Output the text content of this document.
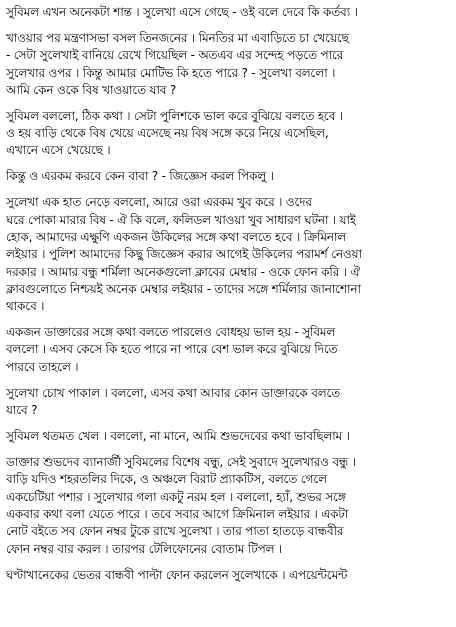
সুবিমল এখন অনেকটা শান্ত । সুলেখা এসে গেছে - ওই বলে দেবে কি কর্তব্য ।
খাওয়ার পর মন্ত্রণাসভা বসল তিনজনের । মিনতির মা এবাড়িতে চা খেয়েছে
- সেটা সুলেখাই বানিয়ে রেখে গিয়েছিল - অতএব এর সন্দেহ পড়তে পারে
সুলেখার ওপর । কিন্তু আমার মোটিভ কি হতে পারে ? - সুলেখা বললো ।
আমি কেন ওকে বিষ খাওয়াতে যাব ?
সুবিমল বললো, ঠিক কথা । সেটা পুলিশকে ভাল করে বুঝিয়ে বলতে হবে ।
ও হয় বাড়ি থেকে বিষ খেয়ে এসেছে নয় বিষ সঙ্গে করে নিয়ে এসেছিল,
এখানে এসে খেয়েছে ।
কিন্তু ও এরকম করবে কেন বাবা ? - জিজ্ঞেস করল পিকলু ।
সুলেখা এক হাত নেড়ে বললো, আরে ওরা এরকম খুব করে । ওদের
ঘরে পোকা মারার বিষ - ঐ কি বলে, ফলিডল খাওয়া খুব সাধারণ ঘটনা । যাই
হোক, আমাদের এক্ষুণি একজন উকিলের সঙ্গে কথা বলতে হবে । ক্রিমিনাল
লইয়ার । পুলিশ আমাদের কিছু জিজ্ঞেস করার আগেই উকিলের পরামর্শ নেওয়া
দরকার । আমার বন্ধু শর্মিলা অনেকগুলো ক্লাবের মেম্বার - ওকে ফোন করি । ঐ
ক্লাবগুলোতে নিশ্চয়ই অনেক মেম্বার লইয়ার - তাদের সঙ্গে শর্মিলার জানাশোনা
থাকবে ।
একজন ডাক্তারের সঙ্গে কথা বলতে পারলেও বোধহয় ভাল হয় - সুবিমল
বললো । এসব কেসে কি হতে পারে না পারে বেশ ভাল করে বুঝিয়ে দিতে
পারবে তাহলে ।
সুলেখা চোখ পাকাল । বললো, এসব কথা আবার কোন ডাক্তারকে বলতে
যাবে ?
সুবিমল থতমত খেল । বললো, না মানে, আমি শুভদেবের কথা ভাবছিলাম ।
ডাক্তার শুভদেব ব্যানার্জী সুবিমলের বিশেষ বন্ধু, সেই সুবাদে সুলেখারও বন্ধু ।
বাড়ি যদিও শহরতলির দিকে, ও অঞ্চলে বিরাট প্র্যাকটিস, বলতে গেলে
একচেটিয়া পশার । সুলেখার গলা একটু নরম হল । বললো, হ্যাঁ, শুভর সঙ্গে
একবার কথা বলা যেতে পারে । তবে সবার আগে ক্রিমিনাল লইয়ার । একটা
নোট বইতে সব ফোন নম্বর টুকে রাখে সুলেখা । তার পাতা হাতড়ে বান্ধবীর
ফোন নম্বর বার করল । তারপর টেলিফোনের বোতাম টিপল ।
ঘণ্টাখানেকের ভেতর বান্ধবী পাল্টা ফোন করলেন সুলেখাকে । এপয়েন্টমেন্ট
